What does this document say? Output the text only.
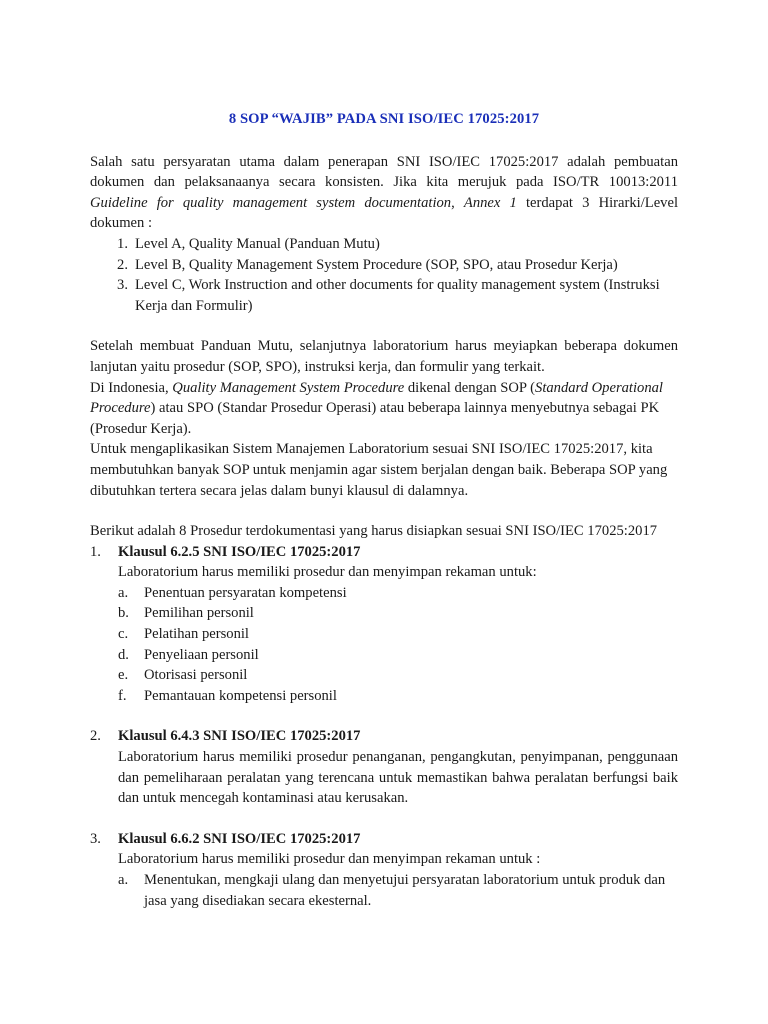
8 SOP “WAJIB” PADA SNI ISO/IEC 17025:2017

Salah satu persyaratan utama dalam penerapan SNI ISO/IEC 17025:2017 adalah pembuatan dokumen dan pelaksanaanya secara konsisten. Jika kita merujuk pada ISO/TR 10013:2011 Guideline for quality management system documentation, Annex 1 terdapat 3 Hirarki/Level dokumen :

1. Level A, Quality Manual (Panduan Mutu)
2. Level B, Quality Management System Procedure (SOP, SPO, atau Prosedur Kerja)
3. Level C, Work Instruction and other documents for quality management system (Instruksi Kerja dan Formulir)

Setelah membuat Panduan Mutu, selanjutnya laboratorium harus meyiapkan beberapa dokumen lanjutan yaitu prosedur (SOP, SPO), instruksi kerja, dan formulir yang terkait.

Di Indonesia, Quality Management System Procedure dikenal dengan SOP (Standard Operational Procedure) atau SPO (Standar Prosedur Operasi) atau beberapa lainnya menyebutnya sebagai PK (Prosedur Kerja).

Untuk mengaplikasikan Sistem Manajemen Laboratorium sesuai SNI ISO/IEC 17025:2017, kita membutuhkan banyak SOP untuk menjamin agar sistem berjalan dengan baik. Beberapa SOP yang dibutuhkan tertera secara jelas dalam bunyi klausul di dalamnya.

Berikut adalah 8 Prosedur terdokumentasi yang harus disiapkan sesuai SNI ISO/IEC 17025:2017

1.	Klausul 6.2.5 SNI ISO/IEC 17025:2017

Laboratorium harus memiliki prosedur dan menyimpan rekaman untuk:

a.	Penentuan persyaratan kompetensi
b.	Pemilihan personil
c.	Pelatihan personil
d.	Penyeliaan personil
e.	Otorisasi personil
f.	Pemantauan kompetensi personil
2.	Klausul 6.4.3 SNI ISO/IEC 17025:2017

Laboratorium harus memiliki prosedur penanganan, pengangkutan, penyimpanan, penggunaan dan pemeliharaan peralatan yang terencana untuk memastikan bahwa peralatan berfungsi baik dan untuk mencegah kontaminasi atau kerusakan.

3.	Klausul 6.6.2 SNI ISO/IEC 17025:2017

Laboratorium harus memiliki prosedur dan menyimpan rekaman untuk :

a.	Menentukan, mengkaji ulang dan menyetujui persyaratan laboratorium untuk produk dan jasa yang disediakan secara ekesternal.
